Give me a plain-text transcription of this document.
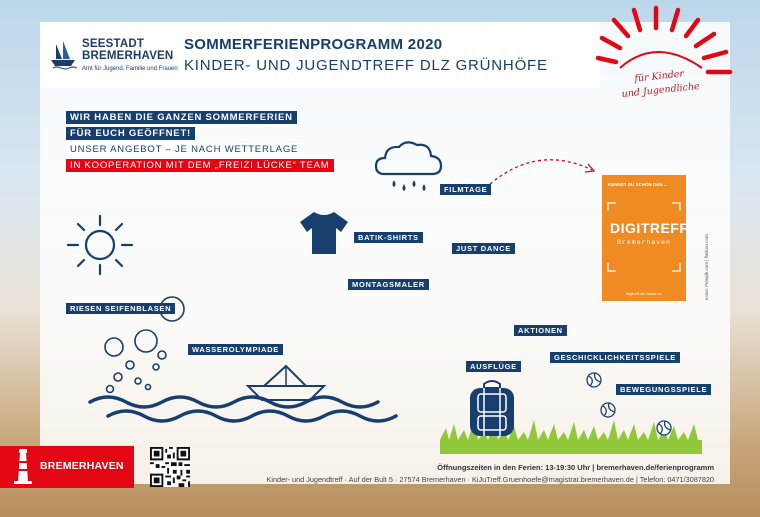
SEESTADT
BREMERHAVEN
Amt für Jugend, Familie und Frauen
SOMMERFERIENPROGRAMM 2020
KINDER- UND JUGENDTREFF DLZ GRÜNHÖFE
für Kinder
und Jugendliche
WIR HABEN DIE GANZEN SOMMERFERIEN
FÜR EUCH GEÖFFNET!
UNSER ANGEBOT – JE NACH WETTERLAGE
IN KOOPERATION MIT DEM „FREIZI LÜCKE“ TEAM
FILMTAGE
BATIK-SHIRTS
JUST DANCE
MONTAGSMALER
RIESEN SEIFENBLASEN
WASSEROLYMPIADE
AKTIONEN
GESCHICKLICHKEITSSPIELE
AUSFLÜGE
BEWEGUNGSSPIELE
KENNST DU SCHON DEN ...
DIGITREFF
Bremerhaven
digitreff.die-lücke.de	Icons: Freepik.com | flaticon.com
BREMERHAVEN	Öffnungszeiten in den Ferien: 13-19:30 Uhr | bremerhaven.de/ferienprogramm
Kinder- und Jugendtreff · Auf der Bult 5 · 27574 Bremerhaven · KiJuTreff.Gruenhoefe@magistrat.bremerhaven.de | Telefon: 0471/3087820
